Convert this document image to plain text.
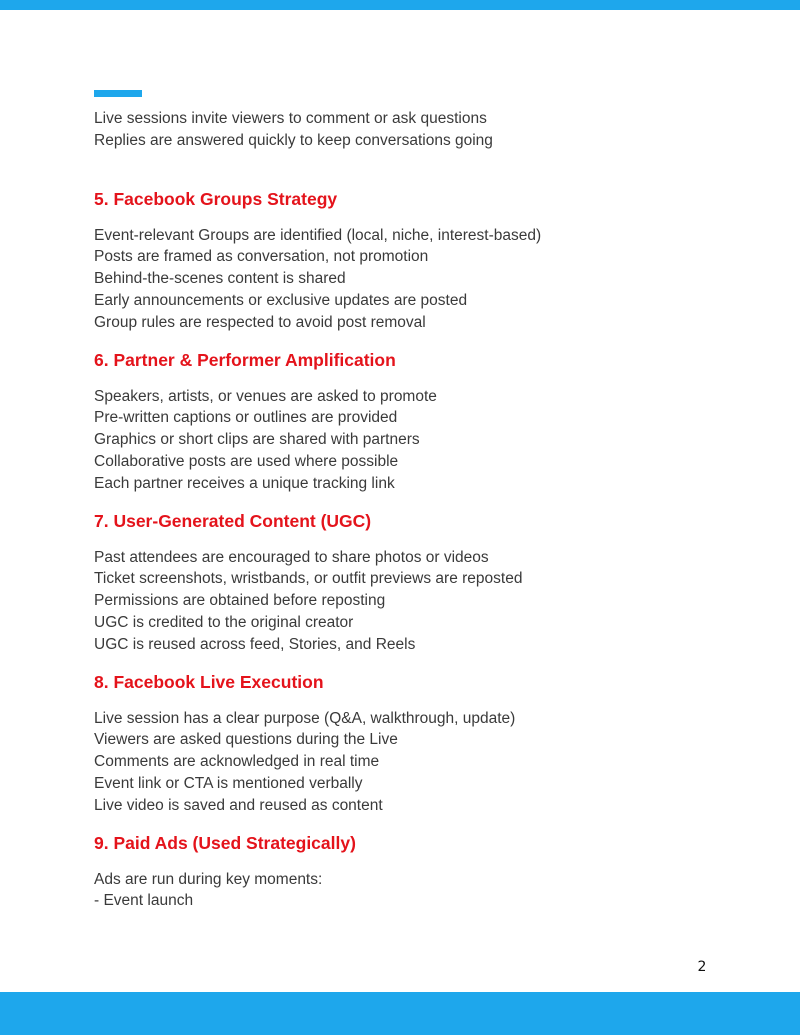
Live sessions invite viewers to comment or ask questions

Replies are answered quickly to keep conversations going

5. Facebook Groups Strategy

Event-relevant Groups are identified (local, niche, interest-based)

Posts are framed as conversation, not promotion

Behind-the-scenes content is shared

Early announcements or exclusive updates are posted

Group rules are respected to avoid post removal

6. Partner & Performer Amplification

Speakers, artists, or venues are asked to promote

Pre-written captions or outlines are provided

Graphics or short clips are shared with partners

Collaborative posts are used where possible

Each partner receives a unique tracking link

7. User-Generated Content (UGC)

Past attendees are encouraged to share photos or videos

Ticket screenshots, wristbands, or outfit previews are reposted

Permissions are obtained before reposting

UGC is credited to the original creator

UGC is reused across feed, Stories, and Reels

8. Facebook Live Execution

Live session has a clear purpose (Q&A, walkthrough, update)

Viewers are asked questions during the Live

Comments are acknowledged in real time

Event link or CTA is mentioned verbally

Live video is saved and reused as content

9. Paid Ads (Used Strategically)

Ads are run during key moments:

- Event launch

2
